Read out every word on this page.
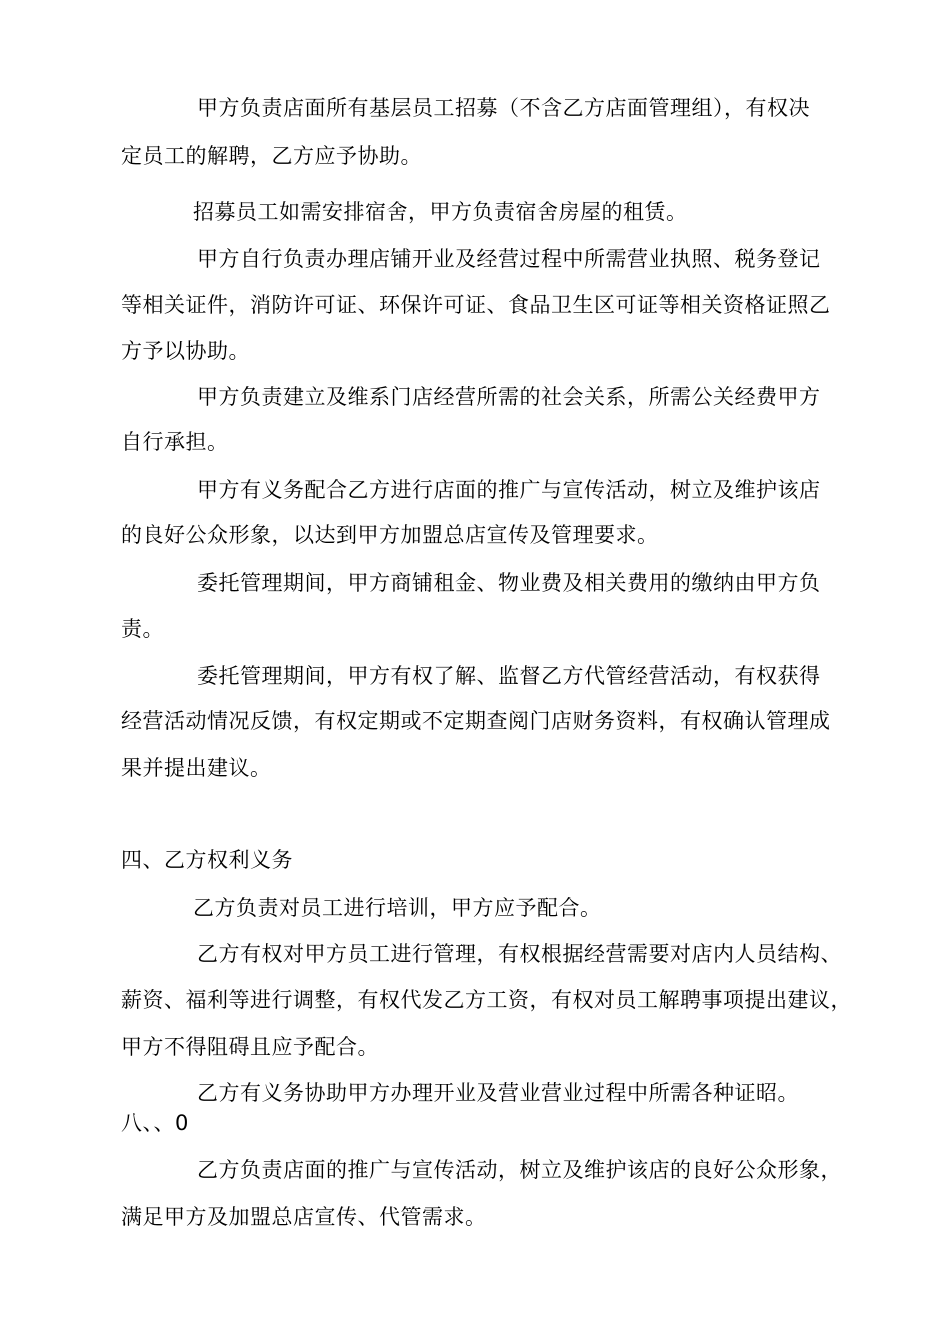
甲方负责店面所有基层员工招募（不含乙方店面管理组），有权决
定员工的解聘，乙方应予协助。
招募员工如需安排宿舍，甲方负责宿舍房屋的租赁。
甲方自行负责办理店铺开业及经营过程中所需营业执照、税务登记
等相关证件，消防许可证、环保许可证、食品卫生区可证等相关资格证照乙
方予以协助。
甲方负责建立及维系门店经营所需的社会关系，所需公关经费甲方
自行承担。
甲方有义务配合乙方进行店面的推广与宣传活动，树立及维护该店
的良好公众形象，以达到甲方加盟总店宣传及管理要求。
委托管理期间，甲方商铺租金、物业费及相关费用的缴纳由甲方负
责。
委托管理期间，甲方有权了解、监督乙方代管经营活动，有权获得
经营活动情况反馈，有权定期或不定期查阅门店财务资料，有权确认管理成
果并提出建议。
四、乙方权利义务
乙方负责对员工进行培训，甲方应予配合。
乙方有权对甲方员工进行管理，有权根据经营需要对店内人员结构、
薪资、福利等进行调整，有权代发乙方工资，有权对员工解聘事项提出建议，
甲方不得阻碍且应予配合。
乙方有义务协助甲方办理开业及营业营业过程中所需各种证昭。
八、、0
乙方负责店面的推广与宣传活动，树立及维护该店的良好公众形象，
满足甲方及加盟总店宣传、代管需求。
